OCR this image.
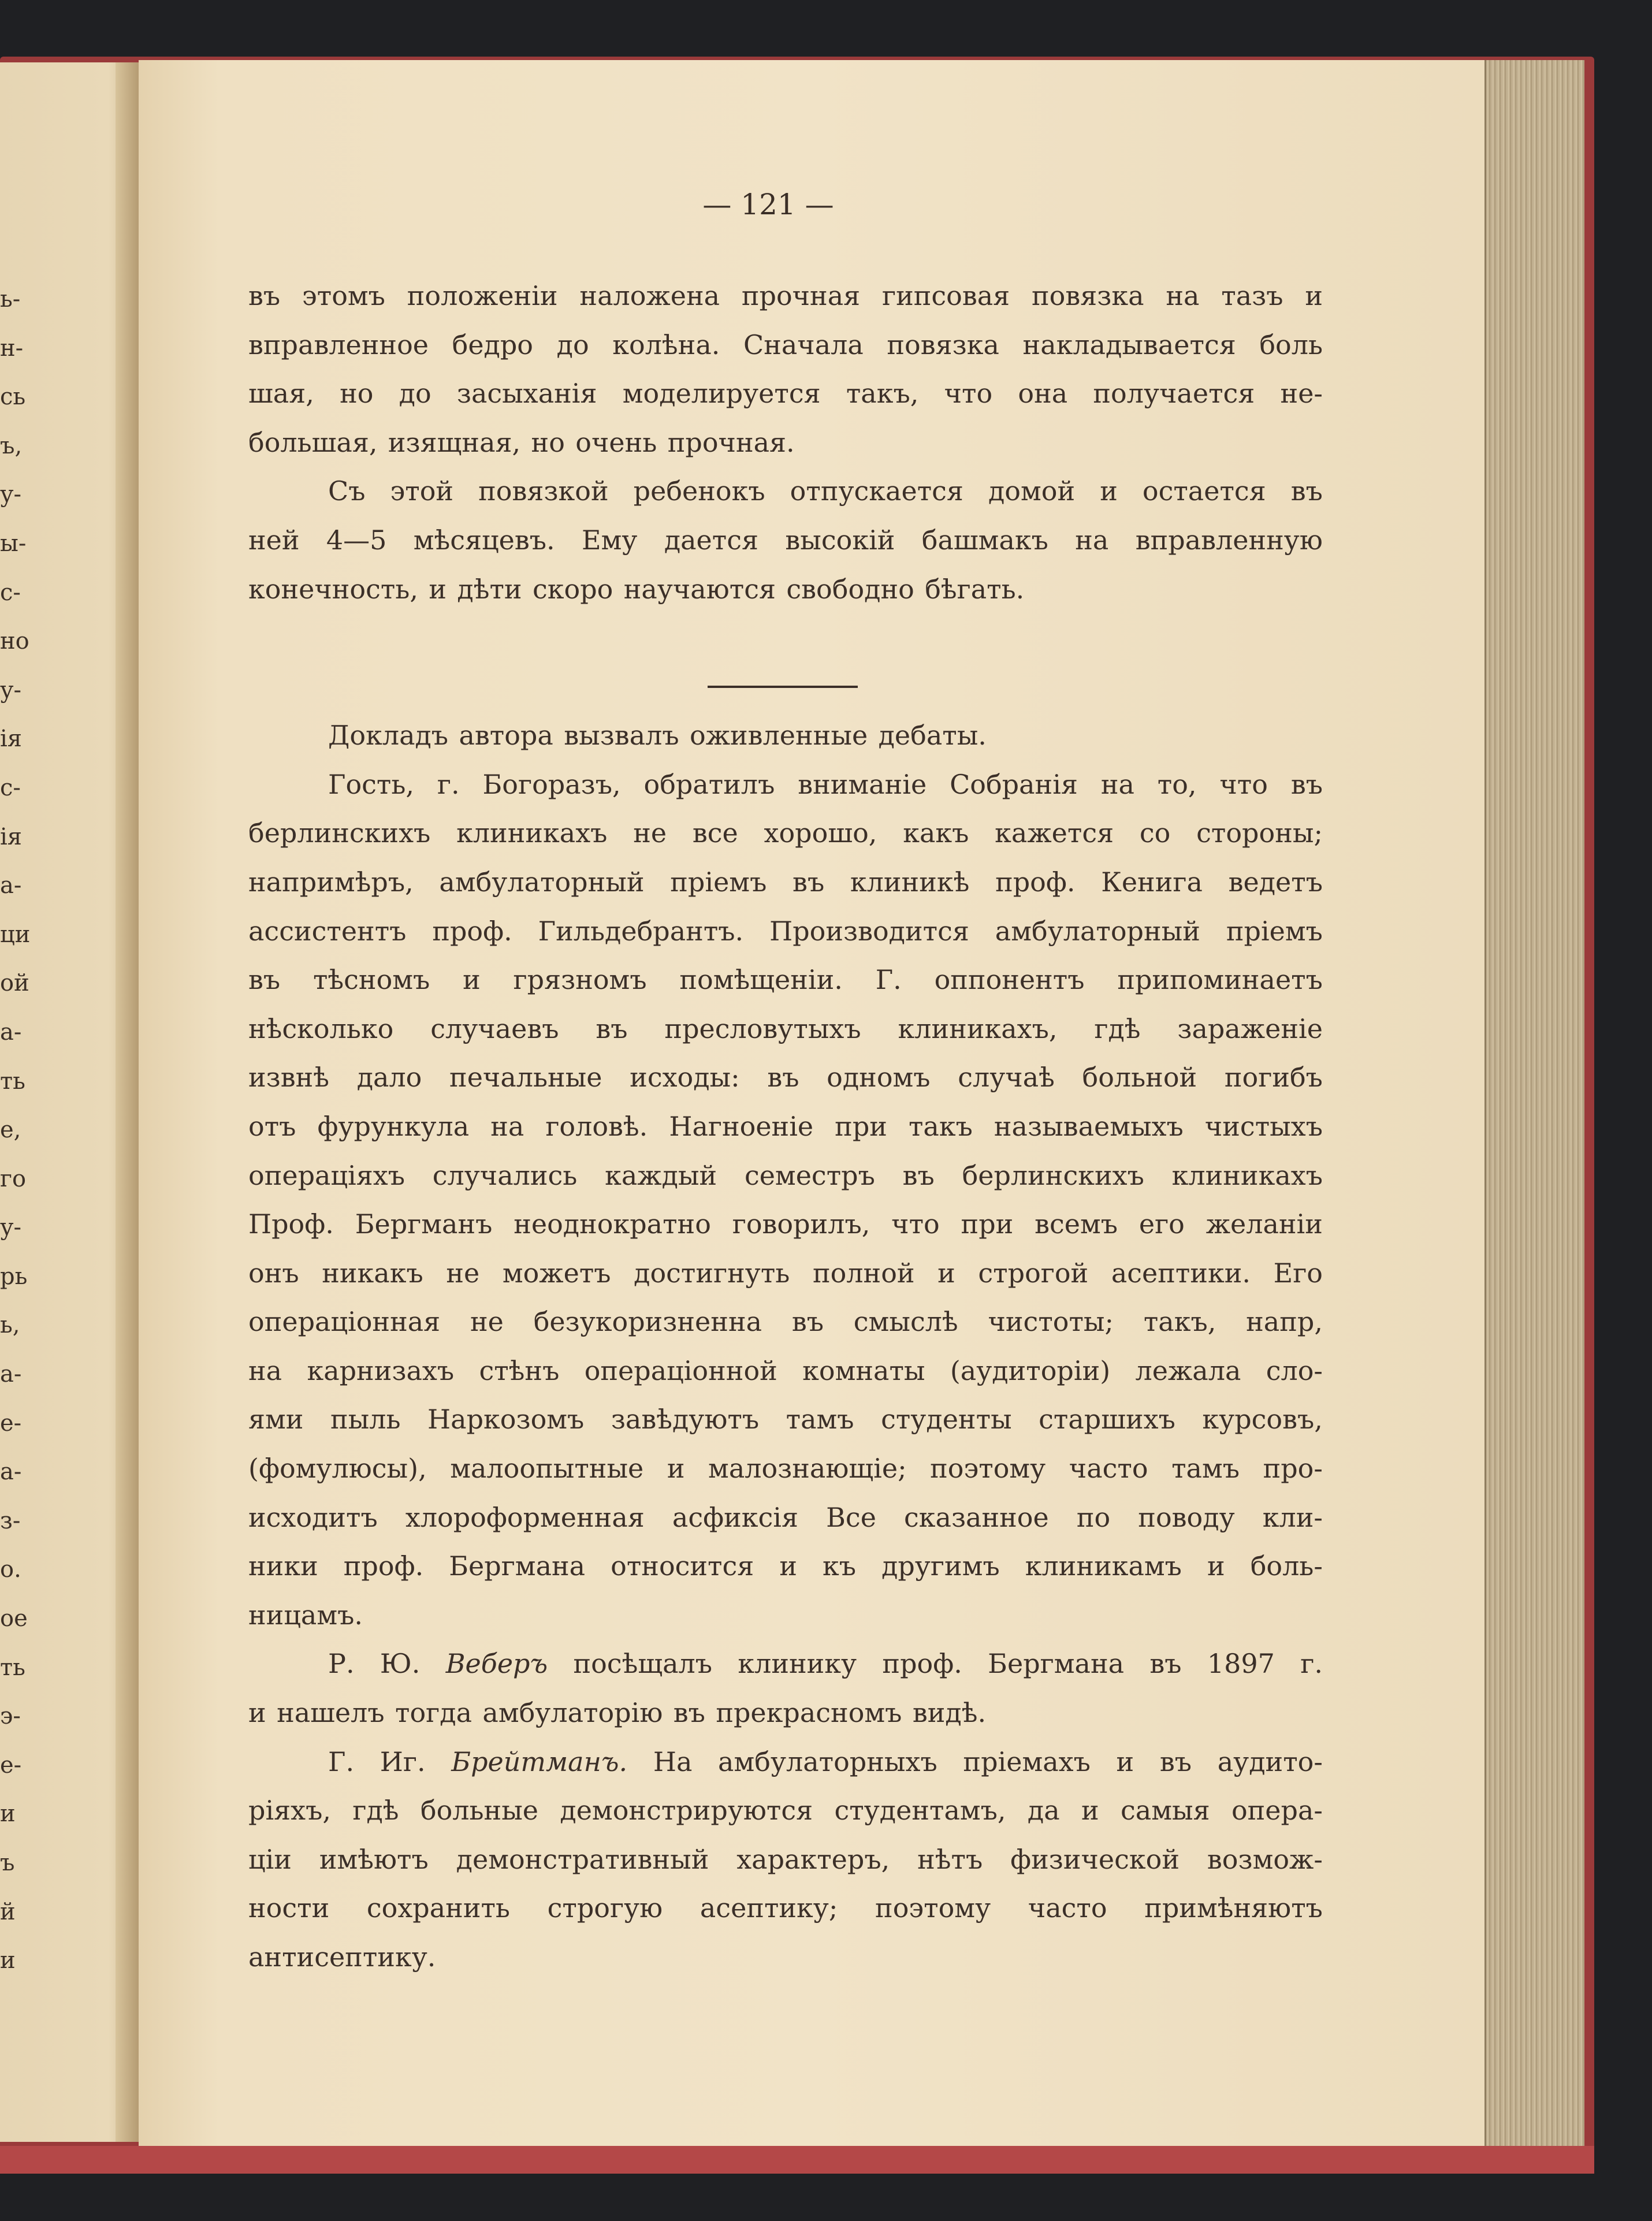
ь-
н-
сь
ъ,
у-
ы-
с-
но
у-
ія
с-
ія
а-
ци
ой
а-
ть
е,
го
у-
рь
ь,
а-
е-
а-
з-
о.
ое
ть
э-
е-
и
ъ
й
и
— 121 —
въ этомъ положеніи наложена прочная гипсовая повязка на тазъ и
вправленное бедро до колѣна. Сначала повязка накладывается боль
шая, но до засыханія моделируется такъ, что она получается не-
большая, изящная, но очень прочная.
Съ этой повязкой ребенокъ отпускается домой и остается въ
ней 4—5 мѣсяцевъ. Ему дается высокій башмакъ на вправленную
конечность, и дѣти скоро научаются свободно бѣгать.
Докладъ автора вызвалъ оживленные дебаты.
Гость, г. Богоразъ, обратилъ вниманіе Собранія на то, что въ
берлинскихъ клиникахъ не все хорошо, какъ кажется со стороны;
напримѣръ, амбулаторный пріемъ въ клиникѣ проф. Кенига ведетъ
ассистентъ проф. Гильдебрантъ. Производится амбулаторный пріемъ
въ тѣсномъ и грязномъ помѣщеніи. Г. оппонентъ припоминаетъ
нѣсколько случаевъ въ пресловутыхъ клиникахъ, гдѣ зараженіе
извнѣ дало печальные исходы: въ одномъ случаѣ больной погибъ
отъ фурункула на головѣ. Нагноеніе при такъ называемыхъ чистыхъ
операціяхъ случались каждый семестръ въ берлинскихъ клиникахъ
Проф. Бергманъ неоднократно говорилъ, что при всемъ его желаніи
онъ никакъ не можетъ достигнуть полной и строгой асептики. Его
операціонная не безукоризненна въ смыслѣ чистоты; такъ, напр,
на карнизахъ стѣнъ операціонной комнаты (аудиторіи) лежала сло-
ями пыль Наркозомъ завѣдуютъ тамъ студенты старшихъ курсовъ,
(фомулюсы), малоопытные и малознающіе; поэтому часто тамъ про-
исходитъ хлороформенная асфиксія Все сказанное по поводу кли-
ники проф. Бергмана относится и къ другимъ клиникамъ и боль-
ницамъ.
Р. Ю. Веберъ посѣщалъ клинику проф. Бергмана въ 1897 г.
и нашелъ тогда амбулаторію въ прекрасномъ видѣ.
Г. Иг. Брейтманъ. На амбулаторныхъ пріемахъ и въ аудито-
ріяхъ, гдѣ больные демонстрируются студентамъ, да и самыя опера-
ціи имѣютъ демонстративный характеръ, нѣтъ физической возмож-
ности сохранить строгую асептику; поэтому часто примѣняютъ
антисептику.
